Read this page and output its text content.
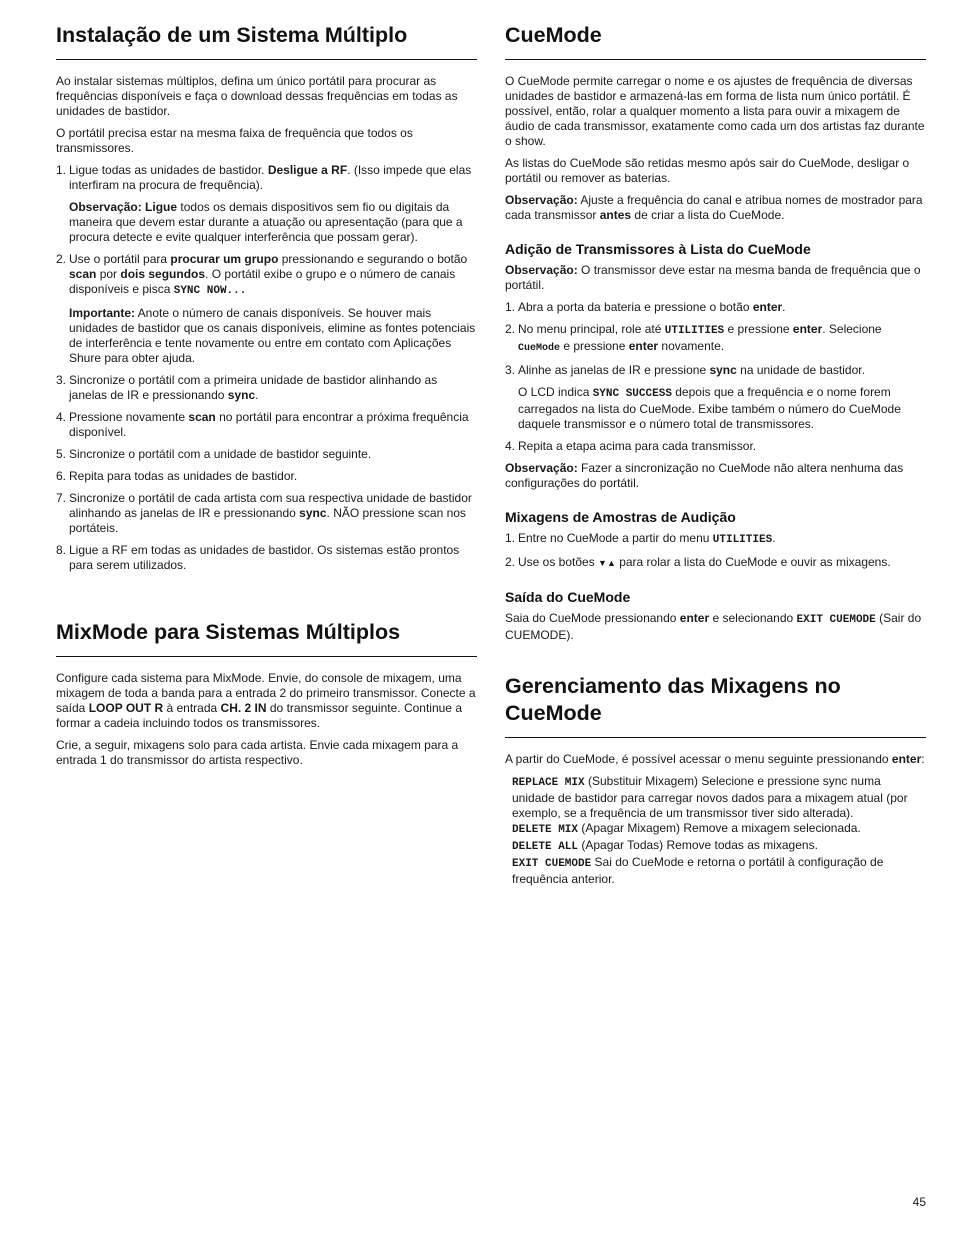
Instalação de um Sistema Múltiplo

Ao instalar sistemas múltiplos, defina um único portátil para procurar as frequências disponíveis e faça o download dessas frequências em todas as unidades de bastidor.

O portátil precisa estar na mesma faixa de frequência que todos os transmissores.

1. Ligue todas as unidades de bastidor. Desligue a RF. (Isso impede que elas interfiram na procura de frequência).
Observação: Ligue todos os demais dispositivos sem fio ou digitais da maneira que devem estar durante a atuação ou apresentação (para que a procura detecte e evite qualquer interferência que possam gerar).
2. Use o portátil para procurar um grupo pressionando e segurando o botão scan por dois segundos. O portátil exibe o grupo e o número de canais disponíveis e pisca SYNC NOW...
Importante: Anote o número de canais disponíveis. Se houver mais unidades de bastidor que os canais disponíveis, elimine as fontes potenciais de interferência e tente novamente ou entre em contato com Aplicações Shure para obter ajuda.
3. Sincronize o portátil com a primeira unidade de bastidor alinhando as janelas de IR e pressionando sync.
4. Pressione novamente scan no portátil para encontrar a próxima frequência disponível.
5. Sincronize o portátil com a unidade de bastidor seguinte.
6. Repita para todas as unidades de bastidor.
7. Sincronize o portátil de cada artista com sua respectiva unidade de bastidor alinhando as janelas de IR e pressionando sync. NÃO pressione scan nos portáteis.
8. Ligue a RF em todas as unidades de bastidor. Os sistemas estão prontos para serem utilizados.
MixMode para Sistemas Múltiplos

Configure cada sistema para MixMode. Envie, do console de mixagem, uma mixagem de toda a banda para a entrada 2 do primeiro transmissor. Conecte a saída LOOP OUT R à entrada CH. 2 IN do transmissor seguinte. Continue a formar a cadeia incluindo todos os transmissores.

Crie, a seguir, mixagens solo para cada artista. Envie cada mixagem para a entrada 1 do transmissor do artista respectivo.

CueMode

O CueMode permite carregar o nome e os ajustes de frequência de diversas unidades de bastidor e armazená-las em forma de lista num único portátil. É possível, então, rolar a qualquer momento a lista para ouvir a mixagem de áudio de cada transmissor, exatamente como cada um dos artistas faz durante o show.

As listas do CueMode são retidas mesmo após sair do CueMode, desligar o portátil ou remover as baterias.

Observação: Ajuste a frequência do canal e atribua nomes de mostrador para cada transmissor antes de criar a lista do CueMode.

Adição de Transmissores à Lista do CueMode

Observação: O transmissor deve estar na mesma banda de frequência que o portátil.

1. Abra a porta da bateria e pressione o botão enter.
2. No menu principal, role até UTILITIES e pressione enter. Selecione CueMode e pressione enter novamente.
3. Alinhe as janelas de IR e pressione sync na unidade de bastidor.
O LCD indica SYNC SUCCESS depois que a frequência e o nome forem carregados na lista do CueMode. Exibe também o número do CueMode daquele transmissor e o número total de transmissores.
4. Repita a etapa acima para cada transmissor.

Observação: Fazer a sincronização no CueMode não altera nenhuma das configurações do portátil.

Mixagens de Amostras de Audição
1. Entre no CueMode a partir do menu UTILITIES.
2. Use os botões ▼▲ para rolar a lista do CueMode e ouvir as mixagens.
Saída do CueMode

Saia do CueMode pressionando enter e selecionando EXIT CUEMODE (Sair do CUEMODE).

Gerenciamento das Mixagens no CueMode

A partir do CueMode, é possível acessar o menu seguinte pressionando enter:

REPLACE MIX (Substituir Mixagem) Selecione e pressione sync numa unidade de bastidor para carregar novos dados para a mixagem atual (por exemplo, se a frequência de um transmissor tiver sido alterada).
DELETE MIX (Apagar Mixagem) Remove a mixagem selecionada.
DELETE ALL (Apagar Todas) Remove todas as mixagens.
EXIT CUEMODE Sai do CueMode e retorna o portátil à configuração de frequência anterior.
45
